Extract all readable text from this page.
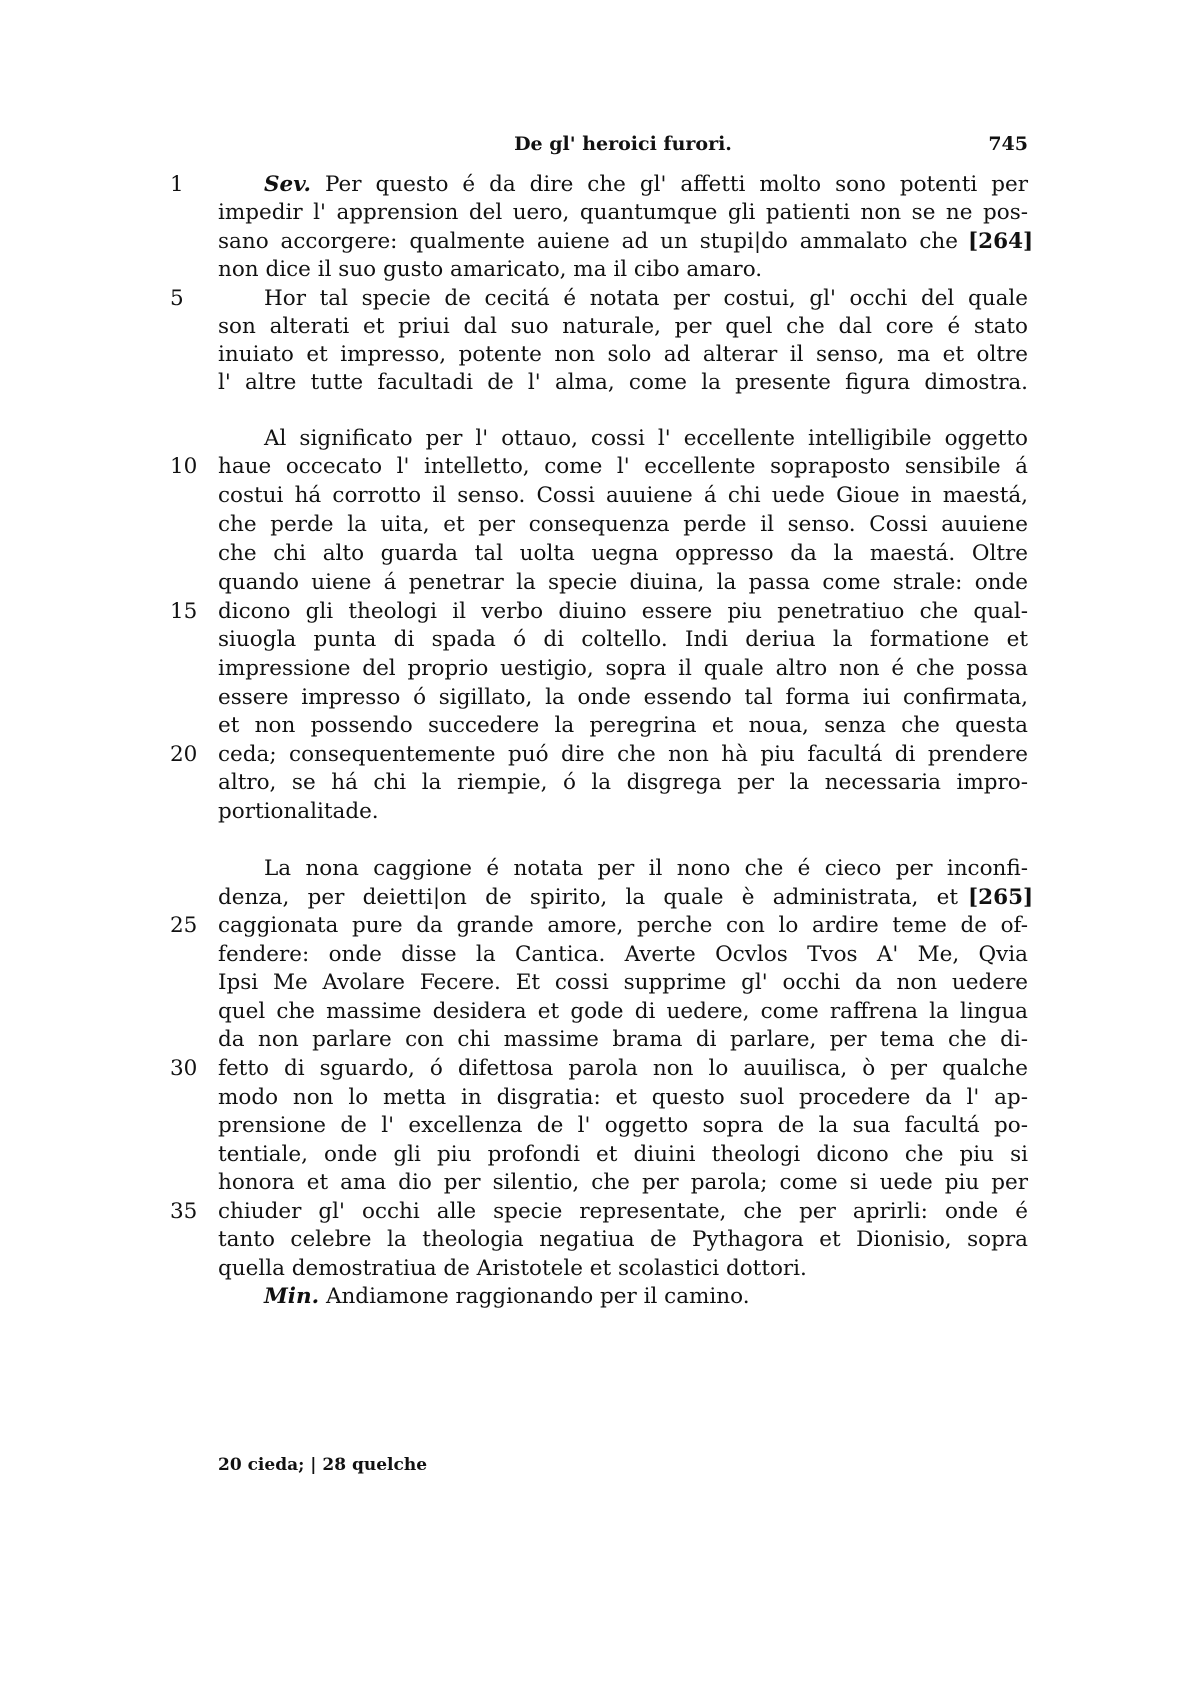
De gl' heroici furori.	745
1
5
10
15
20
25
30
35
[264]
[265]
Sev. Per questo é da dire che gl' affetti molto sono potenti per
impedir l' apprension del uero, quantumque gli patienti non se ne pos-
sano accorgere: qualmente auiene ad un stupi|do ammalato che
non dice il suo gusto amaricato, ma il cibo amaro.
Hor tal specie de cecitá é notata per costui, gl' occhi del quale
son alterati et priui dal suo naturale, per quel che dal core é stato
inuiato et impresso, potente non solo ad alterar il senso, ma et oltre
l' altre tutte facultadi de l' alma, come la presente figura dimostra.
Al significato per l' ottauo, cossi l' eccellente intelligibile oggetto
haue occecato l' intelletto, come l' eccellente sopraposto sensibile á
costui há corrotto il senso. Cossi auuiene á chi uede Gioue in maestá,
che perde la uita, et per consequenza perde il senso. Cossi auuiene
che chi alto guarda tal uolta uegna oppresso da la maestá. Oltre
quando uiene á penetrar la specie diuina, la passa come strale: onde
dicono gli theologi il verbo diuino essere piu penetratiuo che qual-
siuogla punta di spada ó di coltello. Indi deriua la formatione et
impressione del proprio uestigio, sopra il quale altro non é che possa
essere impresso ó sigillato, la onde essendo tal forma iui confirmata,
et non possendo succedere la peregrina et noua, senza che questa
ceda; consequentemente puó dire che non hà piu facultá di prendere
altro, se há chi la riempie, ó la disgrega per la necessaria impro-
portionalitade.
La nona caggione é notata per il nono che é cieco per inconfi-
denza, per deietti|on de spirito, la quale è administrata, et
caggionata pure da grande amore, perche con lo ardire teme de of-
fendere: onde disse la Cantica. Averte Ocvlos Tvos A' Me, Qvia
Ipsi Me Avolare Fecere. Et cossi supprime gl' occhi da non uedere
quel che massime desidera et gode di uedere, come raffrena la lingua
da non parlare con chi massime brama di parlare, per tema che di-
fetto di sguardo, ó difettosa parola non lo auuilisca, ò per qualche
modo non lo metta in disgratia: et questo suol procedere da l' ap-
prensione de l' excellenza de l' oggetto sopra de la sua facultá po-
tentiale, onde gli piu profondi et diuini theologi dicono che piu si
honora et ama dio per silentio, che per parola; come si uede piu per
chiuder gl' occhi alle specie representate, che per aprirli: onde é
tanto celebre la theologia negatiua de Pythagora et Dionisio, sopra
quella demostratiua de Aristotele et scolastici dottori.
Min. Andiamone raggionando per il camino.
20 cieda; | 28 quelche
